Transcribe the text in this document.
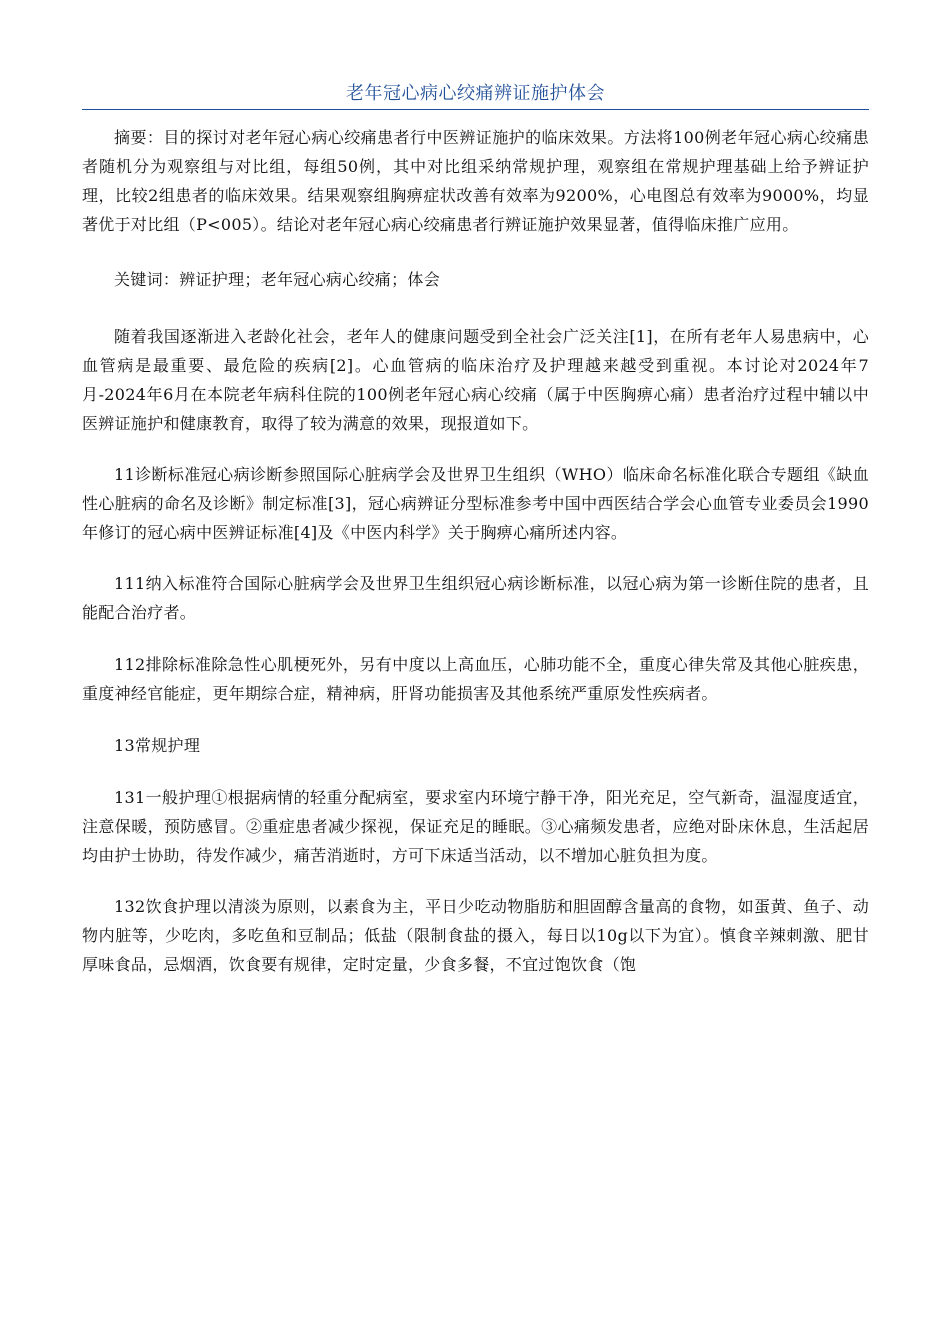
老年冠心病心绞痛辨证施护体会

摘要：目的探讨对老年冠心病心绞痛患者行中医辨证施护的临床效果。方法将100例老年冠心病心绞痛患者随机分为观察组与对比组，每组50例，其中对比组采纳常规护理，观察组在常规护理基础上给予辨证护理，比较2组患者的临床效果。结果观察组胸痹症状改善有效率为9200%，心电图总有效率为9000%，均显著优于对比组（P<005）。结论对老年冠心病心绞痛患者行辨证施护效果显著，值得临床推广应用。

关键词：辨证护理；老年冠心病心绞痛；体会

随着我国逐渐进入老龄化社会，老年人的健康问题受到全社会广泛关注[1]，在所有老年人易患病中，心血管病是最重要、最危险的疾病[2]。心血管病的临床治疗及护理越来越受到重视。本讨论对2024年7月-2024年6月在本院老年病科住院的100例老年冠心病心绞痛（属于中医胸痹心痛）患者治疗过程中辅以中医辨证施护和健康教育，取得了较为满意的效果，现报道如下。

11诊断标准冠心病诊断参照国际心脏病学会及世界卫生组织（WHO）临床命名标准化联合专题组《缺血性心脏病的命名及诊断》制定标准[3]，冠心病辨证分型标准参考中国中西医结合学会心血管专业委员会1990年修订的冠心病中医辨证标准[4]及《中医内科学》关于胸痹心痛所述内容。

111纳入标准符合国际心脏病学会及世界卫生组织冠心病诊断标准，以冠心病为第一诊断住院的患者，且能配合治疗者。

112排除标准除急性心肌梗死外，另有中度以上高血压，心肺功能不全，重度心律失常及其他心脏疾患，重度神经官能症，更年期综合症，精神病，肝肾功能损害及其他系统严重原发性疾病者。

13常规护理

131一般护理①根据病情的轻重分配病室，要求室内环境宁静干净，阳光充足，空气新奇，温湿度适宜，注意保暖，预防感冒。②重症患者减少探视，保证充足的睡眠。③心痛频发患者，应绝对卧床休息，生活起居均由护士协助，待发作减少，痛苦消逝时，方可下床适当活动，以不增加心脏负担为度。

132饮食护理以清淡为原则，以素食为主，平日少吃动物脂肪和胆固醇含量高的食物，如蛋黄、鱼子、动物内脏等，少吃肉，多吃鱼和豆制品；低盐（限制食盐的摄入，每日以10g以下为宜）。慎食辛辣刺激、肥甘厚味食品，忌烟酒，饮食要有规律，定时定量，少食多餐，不宜过饱饮食（饱
